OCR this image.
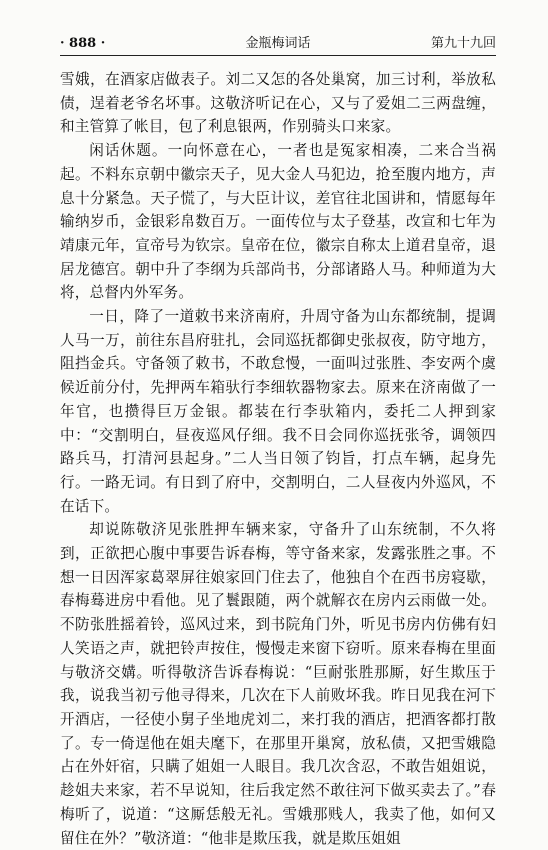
· 888 ·	金瓶梅词话	第九十九回

雪娥，在酒家店做表子。刘二又怎的各处巢窝，加三讨利，举放私债，逞着老爷名坏事。这敬济听记在心，又与了爱姐二三两盘缠，和主管算了帐目，包了利息银两，作别骑头口来家。

闲话休题。一向怀意在心，一者也是冤家相凑，二来合当祸起。不料东京朝中徽宗天子，见大金人马犯边，抢至腹内地方，声息十分紧急。天子慌了，与大臣计议，差官往北国讲和，情愿每年输纳岁币，金银彩帛数百万。一面传位与太子登基，改宣和七年为靖康元年，宣帝号为钦宗。皇帝在位，徽宗自称太上道君皇帝，退居龙德宫。朝中升了李纲为兵部尚书，分部诸路人马。种师道为大将，总督内外军务。

一日，降了一道敕书来济南府，升周守备为山东都统制，提调人马一万，前往东昌府驻扎，会同巡抚都御史张叔夜，防守地方，阻挡金兵。守备领了敕书，不敢怠慢，一面叫过张胜、李安两个虞候近前分付，先押两车箱驮行李细软器物家去。原来在济南做了一年官，也攒得巨万金银。都装在行李驮箱内，委托二人押到家中：“交割明白，昼夜巡风仔细。我不日会同你巡抚张爷，调领四路兵马，打清河县起身。”二人当日领了钧旨，打点车辆，起身先行。一路无词。有日到了府中，交割明白，二人昼夜内外巡风，不在话下。

却说陈敬济见张胜押车辆来家，守备升了山东统制，不久将到，正欲把心腹中事要告诉春梅，等守备来家，发露张胜之事。不想一日因浑家葛翠屏往娘家回门住去了，他独自个在西书房寝歇，春梅蓦进房中看他。见了鬟跟随，两个就解衣在房内云雨做一处。不防张胜摇着铃，巡风过来，到书院角门外，听见书房内仿佛有妇人笑语之声，就把铃声按住，慢慢走来窗下窃听。原来春梅在里面与敬济交媾。听得敬济告诉春梅说：“巨耐张胜那厮，好生欺压于我，说我当初亏他寻得来，几次在下人前败坏我。昨日见我在河下开酒店，一径使小舅子坐地虎刘二，来打我的酒店，把酒客都打散了。专一倚逞他在姐夫麾下，在那里开巢窝，放私债，又把雪娥隐占在外奸宿，只瞒了姐姐一人眼目。我几次含忍，不敢告姐姐说，趁姐夫来家，若不早说知，往后我定然不敢往河下做买卖去了。”春梅听了，说道：“这厮恁般无礼。雪娥那贱人，我卖了他，如何又留住在外？”敬济道：“他非是欺压我，就是欺压姐姐
